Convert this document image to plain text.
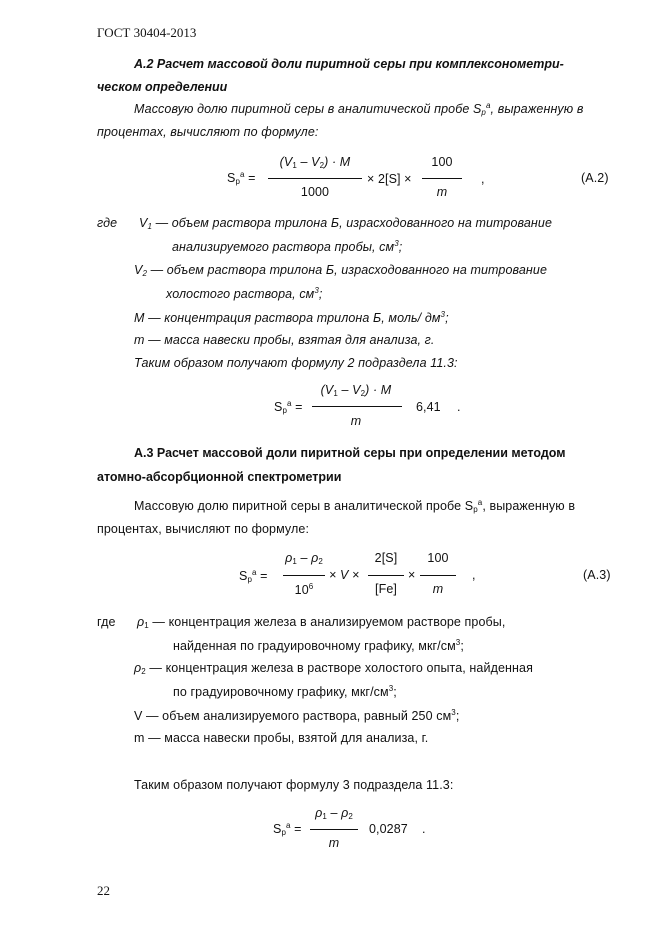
ГОСТ 30404-2013
А.2 Расчет массовой доли пиритной серы при комплексонометри-
ческом определении
Массовую долю пиритной серы в аналитической пробе $S_p^a$, выраженную в
процентах, вычисляют по формуле:
$S_p^a$ =
$(V_1 - V_2) \cdot M$
1000
× 2[S] ×
100
m
,	(А.2)
где $V_1$ — объем раствора трилона Б, израсходованного на титрование
анализируемого раствора пробы, $см^3$;
$V_2$ — объем раствора трилона Б, израсходованного на титрование
холостого раствора, $см^3$;
М — концентрация раствора трилона Б, моль/ $дм^3$;
m — масса навески пробы, взятая для анализа, г.
Таким образом получают формулу 2 подраздела 11.3:
$S_p^a$ =
$(V_1 - V_2) \cdot M$
m
6,41 .
А.3 Расчет массовой доли пиритной серы при определении методом
атомно-абсорбционной спектрометрии
Массовую долю пиритной серы в аналитической пробе $S_p^a$, выраженную в
процентах, вычисляют по формуле:
$S_p^a$ =
$\rho_1 - \rho_2$
$10^6$
× V ×
2[S]
[Fe]
×
100
m
,	(А.3)
где $\rho_1$ — концентрация железа в анализируемом растворе пробы,
найденная по градуировочному графику, мкг/$см^3$;
$\rho_2$ — концентрация железа в растворе холостого опыта, найденная
по градуировочному графику, мкг/$см^3$;
V — объем анализируемого раствора, равный 250 $см^3$;
m — масса навески пробы, взятой для анализа, г.
Таким образом получают формулу 3 подраздела 11.3:
$S_p^a$ =
$\rho_1 - \rho_2$
m
0,0287 .
22
